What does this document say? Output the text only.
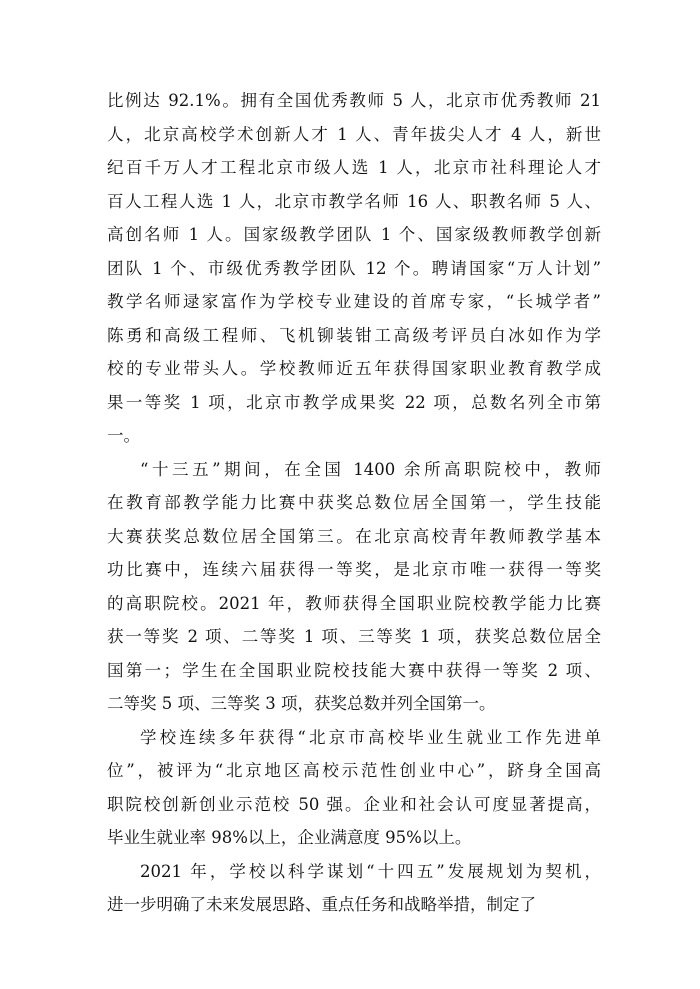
比例达 92.1%。拥有全国优秀教师 5 人，北京市优秀教师 21
人，北京高校学术创新人才 1 人、青年拔尖人才 4 人，新世
纪百千万人才工程北京市级人选 1 人，北京市社科理论人才
百人工程人选 1 人，北京市教学名师 16 人、职教名师 5 人、
高创名师 1 人。国家级教学团队 1 个、国家级教师教学创新
团队 1 个、市级优秀教学团队 12 个。聘请国家“万人计划”
教学名师逯家富作为学校专业建设的首席专家，“长城学者”
陈勇和高级工程师、飞机铆装钳工高级考评员白冰如作为学
校的专业带头人。学校教师近五年获得国家职业教育教学成
果一等奖 1 项，北京市教学成果奖 22 项，总数名列全市第
一。
“十三五”期间，在全国 1400 余所高职院校中，教师
在教育部教学能力比赛中获奖总数位居全国第一，学生技能
大赛获奖总数位居全国第三。在北京高校青年教师教学基本
功比赛中，连续六届获得一等奖，是北京市唯一获得一等奖
的高职院校。2021 年，教师获得全国职业院校教学能力比赛
获一等奖 2 项、二等奖 1 项、三等奖 1 项，获奖总数位居全
国第一；学生在全国职业院校技能大赛中获得一等奖 2 项、
二等奖 5 项、三等奖 3 项，获奖总数并列全国第一。
学校连续多年获得“北京市高校毕业生就业工作先进单
位”，被评为“北京地区高校示范性创业中心”，跻身全国高
职院校创新创业示范校 50 强。企业和社会认可度显著提高，
毕业生就业率 98%以上，企业满意度 95%以上。
2021 年，学校以科学谋划“十四五”发展规划为契机，
进一步明确了未来发展思路、重点任务和战略举措，制定了
